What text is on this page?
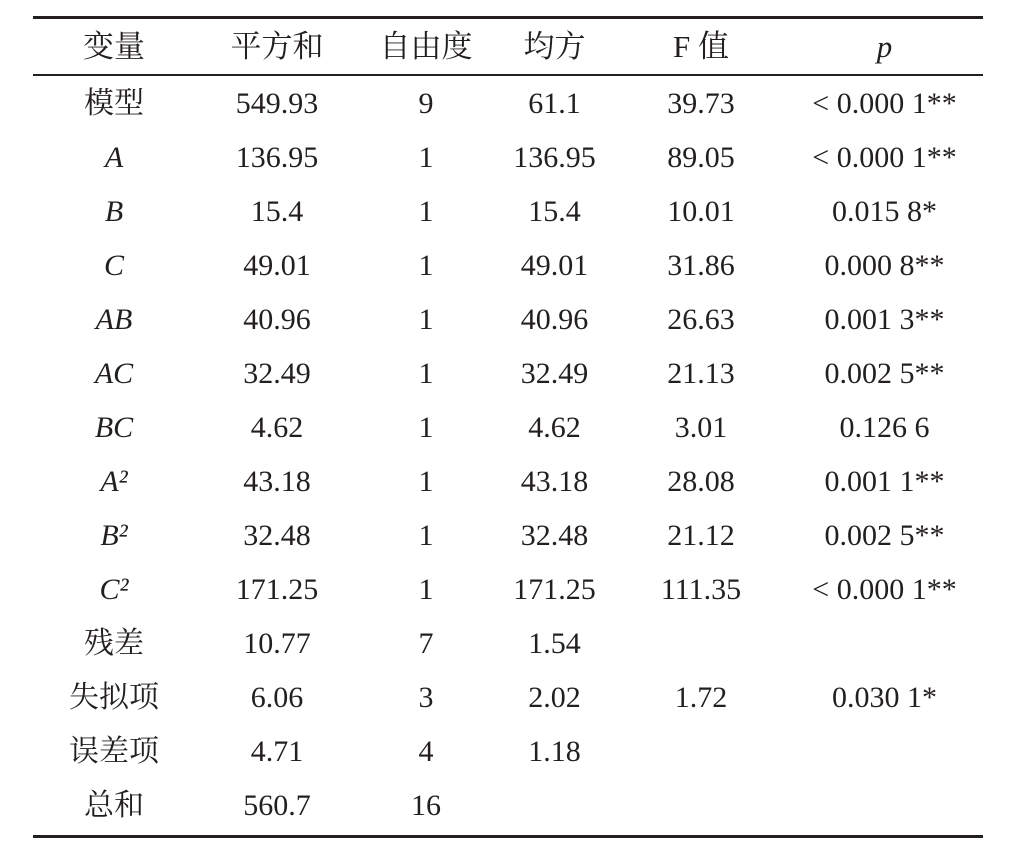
变量	平方和	自由度	均方	F 值	p
模型	549.93	9	61.1	39.73	< 0.000 1**
A	136.95	1	136.95	89.05	< 0.000 1**
B	15.4	1	15.4	10.01	0.015 8*
C	49.01	1	49.01	31.86	0.000 8**
AB	40.96	1	40.96	26.63	0.001 3**
AC	32.49	1	32.49	21.13	0.002 5**
BC	4.62	1	4.62	3.01	0.126 6
A²	43.18	1	43.18	28.08	0.001 1**
B²	32.48	1	32.48	21.12	0.002 5**
C²	171.25	1	171.25	111.35	< 0.000 1**
残差	10.77	7	1.54
失拟项	6.06	3	2.02	1.72	0.030 1*
误差项	4.71	4	1.18
总和	560.7	16
